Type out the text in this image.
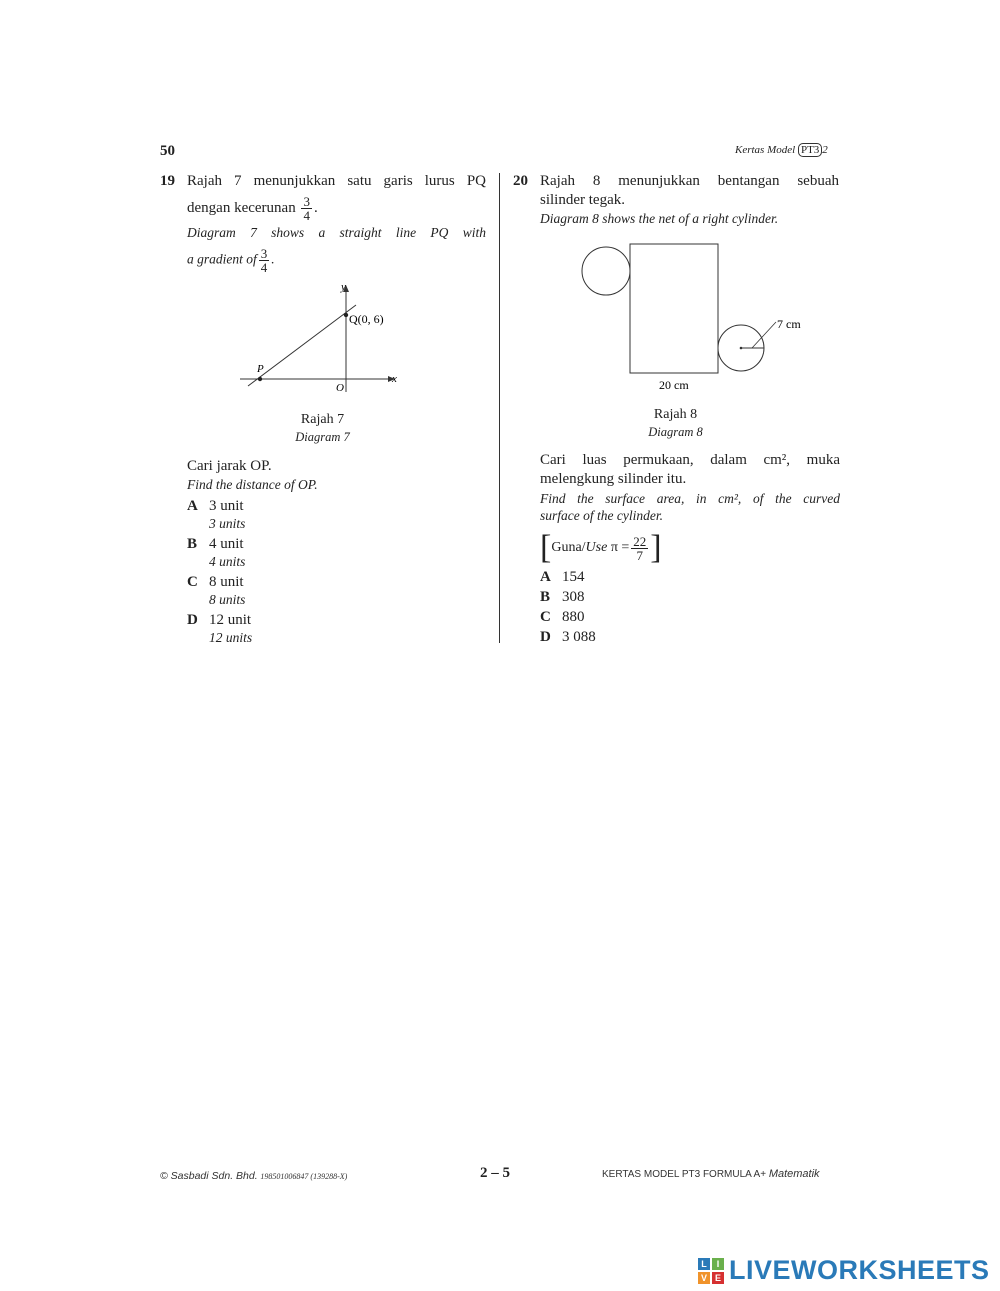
50	Kertas Model PT3 2
19 Rajah 7 menunjukkan satu garis lurus PQ
dengan kecerunan $\frac{3}{4}$ .
Diagram 7 shows a straight line PQ with
a gradient of $\frac{3}{4}$ .
y
x
Q(0, 6)
P
O
Rajah 7
Diagram 7
Cari jarak OP.
Find the distance of OP.
A 3 unit
3 units
B 4 unit
4 units
C 8 unit
8 units
D 12 unit
12 units
20 Rajah 8 menunjukkan bentangan sebuah
silinder tegak.
Diagram 8 shows the net of a right cylinder.
7 cm
20 cm
Rajah 8
Diagram 8
Cari luas permukaan, dalam cm², muka
melengkung silinder itu.
Find the surface area, in cm², of the curved
surface of the cylinder.
[ Guna/Use $\pi = \frac{22}{7}$ ]
A 154
B 308
C 880
D 3 088
© Sasbadi Sdn. Bhd. 198501006847 (139288-X)	2 – 5	KERTAS MODEL PT3 FORMULA A+ Matematik
L	I
V E LIVEWORKSHEETS
